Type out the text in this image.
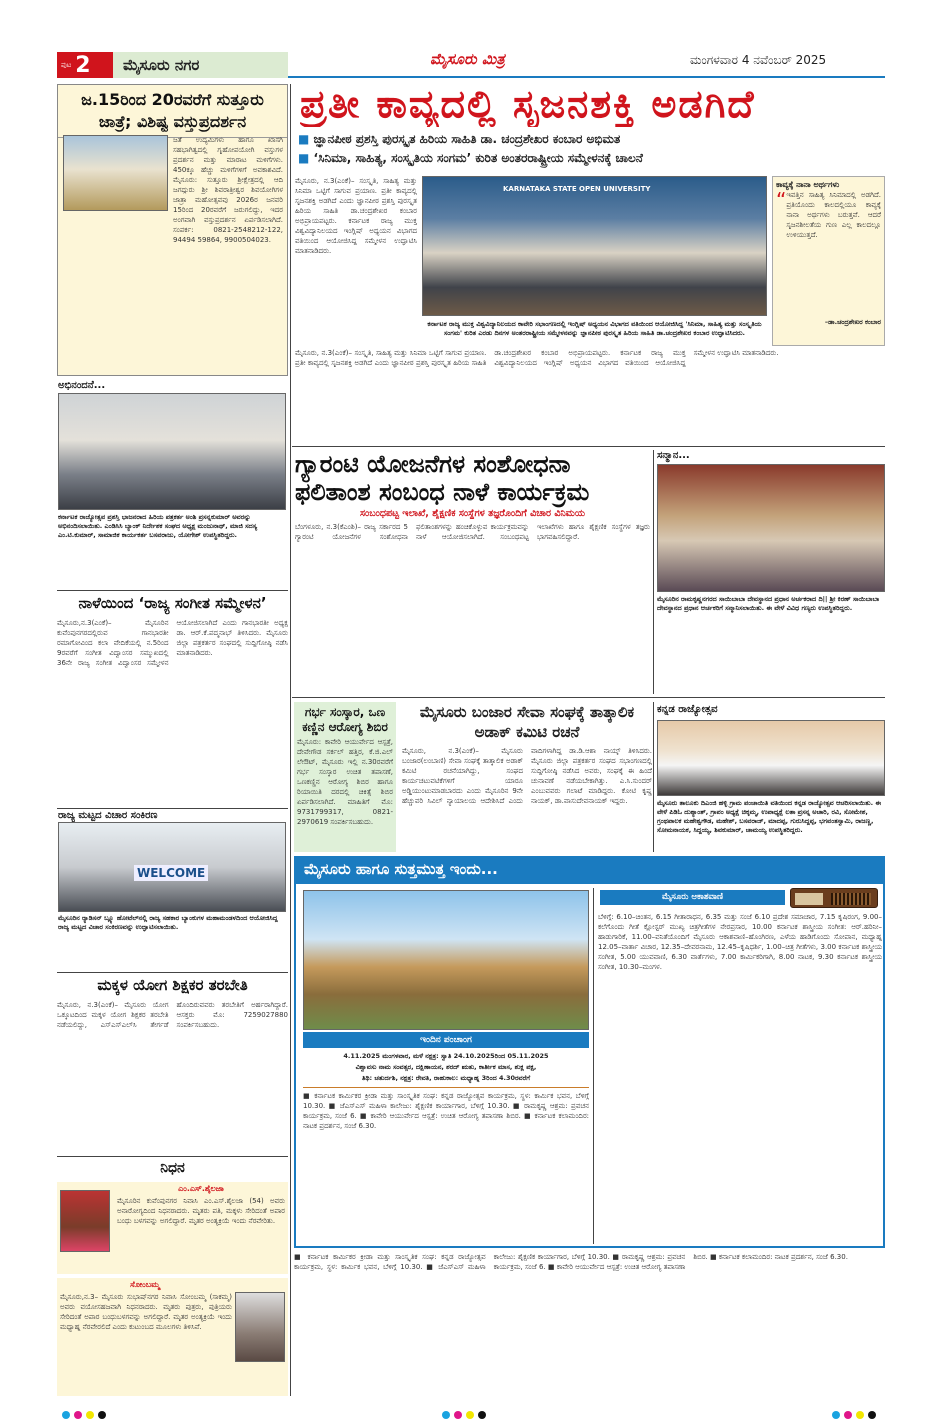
ಪುಟ 2	ಮೈಸೂರು ನಗರ	ಮೈಸೂರು ಮಿತ್ರ	ಮಂಗಳವಾರ 4 ನವೆಂಬರ್ 2025
ಜ.15ರಿಂದ 20ರವರೆಗೆ ಸುತ್ತೂರು ಜಾತ್ರೆ; ವಿಶಿಷ್ಟ ವಸ್ತುಪ್ರದರ್ಶನ
ಜತೆ ಉದ್ಯಮಿಗಳು ಹಾಗೂ ಖಾಸಗಿ ಸಹಭಾಗಿತ್ವದಲ್ಲಿ ಗೃಹೋಪಯೋಗಿ ವಸ್ತುಗಳ ಪ್ರದರ್ಶನ ಮತ್ತು ಮಾರಾಟ ಮಳಿಗೆಗಳು. 450ಕ್ಕೂ ಹೆಚ್ಚು ಮಳಿಗೆಗಳಿಗೆ ಅವಕಾಶವಿದೆ. ಮೈಸೂರು: ಸುತ್ತೂರು ಶ್ರೀಕ್ಷೇತ್ರದಲ್ಲಿ ಆದಿ ಜಗದ್ಗುರು ಶ್ರೀ ಶಿವರಾತ್ರೀಶ್ವರ ಶಿವಯೋಗಿಗಳ ಜಾತ್ರಾ ಮಹೋತ್ಸವವು 2026ರ ಜನವರಿ 15ರಿಂದ 20ರವರೆಗೆ ಜರುಗಲಿದ್ದು, ಇದರ ಅಂಗವಾಗಿ ವಸ್ತುಪ್ರದರ್ಶನ ಏರ್ಪಡಿಸಲಾಗಿದೆ. ಸಂಪರ್ಕ: 0821-2548212-122, 94494 59864, 9900504023.
ಅಭಿನಂದನೆ...
ಕರ್ನಾಟಕ ರಾಜ್ಯೋತ್ಸವ ಪ್ರಶಸ್ತಿ ಭಾಜನರಾದ ಹಿರಿಯ ಪತ್ರಕರ್ತ ಅಂಶಿ ಪ್ರಸನ್ನಕುಮಾರ್ ಅವರನ್ನು ಅಭಿನಂದಿಸಲಾಯಿತು. ಎಂಡಿಸಿಸಿ ಬ್ಯಾಂಕ್ ನಿರ್ದೇಶಕ ಸಂಘದ ಅಧ್ಯಕ್ಷ ಮಂಜುನಾಥ್, ಮಾಜಿ ಸದಸ್ಯ ಎಂ.ಟಿ.ಕುಮಾರ್, ಸಾಮಾಜಿಕ ಕಾರ್ಯಕರ್ತ ಬಸವರಾಜು, ಯೋಗೇಶ್ ಉಪಸ್ಥಿತರಿದ್ದರು.
ನಾಳೆಯಿಂದ ‘ರಾಜ್ಯ ಸಂಗೀತ ಸಮ್ಮೇಳನ’
ಮೈಸೂರು,ನ.3(ಎಂಕೆ)– ಮೈಸೂರಿನ ಕುವೆಂಪುನಗರದಲ್ಲಿರುವ ಗಾನಭಾರತೀ ರಮಾಗೋವಿಂದ ಕಲಾ ವೇದಿಕೆಯಲ್ಲಿ ನ.5ರಿಂದ 9ರವರೆಗೆ ಸಂಗೀತ ವಿದ್ವಾಂಸರ ಸಮ್ಮುಖದಲ್ಲಿ 36ನೇ ರಾಜ್ಯ ಸಂಗೀತ ವಿದ್ವಾಂಸರ ಸಮ್ಮೇಳನ ಆಯೋಜಿಸಲಾಗಿದೆ ಎಂದು ಗಾನಭಾರತೀ ಅಧ್ಯಕ್ಷ ಡಾ. ಆರ್.ಕೆ.ಪದ್ಮನಾಭ್ ತಿಳಿಸಿದರು. ಮೈಸೂರು ಜಿಲ್ಲಾ ಪತ್ರಕರ್ತರ ಸಂಘದಲ್ಲಿ ಸುದ್ದಿಗೋಷ್ಠಿ ನಡೆಸಿ ಮಾತನಾಡಿದರು.
ರಾಜ್ಯ ಮಟ್ಟದ ವಿಚಾರ ಸಂಕಿರಣ
WELCOME
ಮೈಸೂರಿನ ರ‍್ಯಾಡಿಸನ್ ಬ್ಲ್ಯೂ ಹೋಟೆಲ್‌ನಲ್ಲಿ ರಾಜ್ಯ ಸಹಕಾರ ಬ್ಯಾಂಕುಗಳ ಮಹಾಮಂಡಳದಿಂದ ಆಯೋಜಿಸಿದ್ದ ರಾಜ್ಯ ಮಟ್ಟದ ವಿಚಾರ ಸಂಕಿರಣವನ್ನು ಉದ್ಘಾಟಿಸಲಾಯಿತು.
ಮಕ್ಕಳ ಯೋಗ ಶಿಕ್ಷಕರ ತರಬೇತಿ
ಮೈಸೂರು, ನ.3(ಎಂಕೆ)– ಮೈಸೂರು ಯೋಗ ಒಕ್ಕೂಟದಿಂದ ಮಕ್ಕಳ ಯೋಗ ಶಿಕ್ಷಕರ ತರಬೇತಿ ನಡೆಯಲಿದ್ದು, ಎಸ್‌ಎಸ್‌ಎಲ್‌ಸಿ ತೇರ್ಗಡೆ ಹೊಂದಿರುವವರು ತರಬೇತಿಗೆ ಅರ್ಹರಾಗಿದ್ದಾರೆ. ಆಸಕ್ತರು ಮೊ: 7259027880 ಸಂಪರ್ಕಿಸಬಹುದು.
ನಿಧನ
ಎಂ.ಎಸ್.ಶೈಲಜಾ
ಮೈಸೂರಿನ ಕುವೆಂಪುನಗರ ನಿವಾಸಿ ಎಂ.ಎಸ್.ಶೈಲಜಾ (54) ಅವರು ಅನಾರೋಗ್ಯದಿಂದ ನಿಧನರಾದರು. ಮೃತರು ಪತಿ, ಮಕ್ಕಳು ಸೇರಿದಂತೆ ಅಪಾರ ಬಂಧು ಬಳಗವನ್ನು ಅಗಲಿದ್ದಾರೆ. ಮೃತರ ಅಂತ್ಯಕ್ರಿಯೆ ಇಂದು ನೆರವೇರಿತು.
ಸೋಂಬಮ್ಮ
ಮೈಸೂರು,ನ.3– ಮೈಸೂರು ಸುಭಾಷ್‌ನಗರ ನಿವಾಸಿ ಸೋಂಬಮ್ಮ (ಸಾಕಮ್ಮ) ಅವರು ವಯೋಸಹಜವಾಗಿ ನಿಧನರಾದರು. ಮೃತರು ಪುತ್ರರು, ಪುತ್ರಿಯರು ಸೇರಿದಂತೆ ಅಪಾರ ಬಂಧುಬಳಗವನ್ನು ಅಗಲಿದ್ದಾರೆ. ಮೃತರ ಅಂತ್ಯಕ್ರಿಯೆ ಇಂದು ಮಧ್ಯಾಹ್ನ ನೆರವೇರಲಿದೆ ಎಂದು ಕುಟುಂಬದ ಮೂಲಗಳು ತಿಳಿಸಿವೆ.
ಪ್ರತೀ ಕಾವ್ಯದಲ್ಲಿ ಸೃಜನಶಕ್ತಿ ಅಡಗಿದೆ
■ ಜ್ಞಾನಪೀಠ ಪ್ರಶಸ್ತಿ ಪುರಸ್ಕೃತ ಹಿರಿಯ ಸಾಹಿತಿ ಡಾ. ಚಂದ್ರಶೇಖರ ಕಂಬಾರ ಅಭಿಮತ
■ ‘ಸಿನಿಮಾ, ಸಾಹಿತ್ಯ, ಸಂಸ್ಕೃತಿಯ ಸಂಗಮ’ ಕುರಿತ ಅಂತರರಾಷ್ಟ್ರೀಯ ಸಮ್ಮೇಳನಕ್ಕೆ ಚಾಲನೆ
ಮೈಸೂರು, ನ.3(ಎಂಕೆ)– ಸಂಸ್ಕೃತಿ, ಸಾಹಿತ್ಯ ಮತ್ತು ಸಿನಿಮಾ ಒಟ್ಟಿಗೆ ಸಾಗುವ ಪ್ರಯಾಣ. ಪ್ರತೀ ಕಾವ್ಯದಲ್ಲಿ ಸೃಜನಶಕ್ತಿ ಅಡಗಿದೆ ಎಂದು ಜ್ಞಾನಪೀಠ ಪ್ರಶಸ್ತಿ ಪುರಸ್ಕೃತ ಹಿರಿಯ ಸಾಹಿತಿ ಡಾ.ಚಂದ್ರಶೇಖರ ಕಂಬಾರ ಅಭಿಪ್ರಾಯಪಟ್ಟರು. ಕರ್ನಾಟಕ ರಾಜ್ಯ ಮುಕ್ತ ವಿಶ್ವವಿದ್ಯಾನಿಲಯದ ಇಂಗ್ಲಿಷ್ ಅಧ್ಯಯನ ವಿಭಾಗದ ವತಿಯಿಂದ ಆಯೋಜಿಸಿದ್ದ ಸಮ್ಮೇಳನ ಉದ್ಘಾಟಿಸಿ ಮಾತನಾಡಿದರು.
KARNATAKA STATE OPEN UNIVERSITY
ಕರ್ನಾಟಕ ರಾಜ್ಯ ಮುಕ್ತ ವಿಶ್ವವಿದ್ಯಾನಿಲಯದ ಕಾವೇರಿ ಸಭಾಂಗಣದಲ್ಲಿ ಇಂಗ್ಲಿಷ್ ಅಧ್ಯಯನ ವಿಭಾಗದ ವತಿಯಿಂದ ಆಯೋಜಿಸಿದ್ದ 'ಸಿನಿಮಾ, ಸಾಹಿತ್ಯ ಮತ್ತು ಸಂಸ್ಕೃತಿಯ ಸಂಗಮ' ಕುರಿತ ಎರಡು ದಿನಗಳ ಅಂತರರಾಷ್ಟ್ರೀಯ ಸಮ್ಮೇಳನವನ್ನು ಜ್ಞಾನಪೀಠ ಪುರಸ್ಕೃತ ಹಿರಿಯ ಸಾಹಿತಿ ಡಾ.ಚಂದ್ರಶೇಖರ ಕಂಬಾರ ಉದ್ಘಾಟಿಸಿದರು.
ಕಾವ್ಯಕ್ಕೆ ನಾನಾ ಅರ್ಥಗಳು
“ ಇವತ್ತಿನ ಸಾಹಿತ್ಯ ಸಿನಿಮಾದಲ್ಲಿ ಅಡಗಿದೆ. ಪ್ರತಿಯೊಂದು ಕಾಲದಲ್ಲಿಯೂ ಕಾವ್ಯಕ್ಕೆ ನಾನಾ ಅರ್ಥಗಳು ಬರುತ್ತವೆ. ಆದರೆ ಸೃಜನಶೀಲತೆಯ ಗುಣ ಎಲ್ಲ ಕಾಲದಲ್ಲೂ ಉಳಿಯುತ್ತದೆ.
–ಡಾ.ಚಂದ್ರಶೇಖರ ಕಂಬಾರ
ಮೈಸೂರು, ನ.3(ಎಂಕೆ)– ಸಂಸ್ಕೃತಿ, ಸಾಹಿತ್ಯ ಮತ್ತು ಸಿನಿಮಾ ಒಟ್ಟಿಗೆ ಸಾಗುವ ಪ್ರಯಾಣ. ಪ್ರತೀ ಕಾವ್ಯದಲ್ಲಿ ಸೃಜನಶಕ್ತಿ ಅಡಗಿದೆ ಎಂದು ಜ್ಞಾನಪೀಠ ಪ್ರಶಸ್ತಿ ಪುರಸ್ಕೃತ ಹಿರಿಯ ಸಾಹಿತಿ ಡಾ.ಚಂದ್ರಶೇಖರ ಕಂಬಾರ ಅಭಿಪ್ರಾಯಪಟ್ಟರು. ಕರ್ನಾಟಕ ರಾಜ್ಯ ಮುಕ್ತ ವಿಶ್ವವಿದ್ಯಾನಿಲಯದ ಇಂಗ್ಲಿಷ್ ಅಧ್ಯಯನ ವಿಭಾಗದ ವತಿಯಿಂದ ಆಯೋಜಿಸಿದ್ದ ಸಮ್ಮೇಳನ ಉದ್ಘಾಟಿಸಿ ಮಾತನಾಡಿದರು.
ಗ್ಯಾರಂಟಿ ಯೋಜನೆಗಳ ಸಂಶೋಧನಾ ಫಲಿತಾಂಶ ಸಂಬಂಧ ನಾಳೆ ಕಾರ್ಯಕ್ರಮ
ಸಂಬಂಧಪಟ್ಟ ಇಲಾಖೆ, ಶೈಕ್ಷಣಿಕ ಸಂಸ್ಥೆಗಳ ತಜ್ಞರೊಂದಿಗೆ ವಿಚಾರ ವಿನಿಮಯ
ಬೆಂಗಳೂರು, ನ.3(ಕೆಎಂಶಿ)– ರಾಜ್ಯ ಸರ್ಕಾರದ 5 ಗ್ಯಾರಂಟಿ ಯೋಜನೆಗಳ ಸಂಶೋಧನಾ ಫಲಿತಾಂಶಗಳನ್ನು ಹಂಚಿಕೊಳ್ಳುವ ಕಾರ್ಯಕ್ರಮವನ್ನು ನಾಳೆ ಆಯೋಜಿಸಲಾಗಿದೆ. ಸಂಬಂಧಪಟ್ಟ ಇಲಾಖೆಗಳು ಹಾಗೂ ಶೈಕ್ಷಣಿಕ ಸಂಸ್ಥೆಗಳ ತಜ್ಞರು ಭಾಗವಹಿಸಲಿದ್ದಾರೆ.
ಸನ್ಮಾನ...
ಮೈಸೂರಿನ ರಾಮಕೃಷ್ಣನಗರದ ಸಾಯಿಬಾಬಾ ದೇವಸ್ಥಾನದ ಪ್ರಧಾನ ಅರ್ಚಕರಾದ ದಿ|| ಶ್ರೀ ಕಿರಣ್ ಸಾಯಿಬಾಬಾ ದೇವಸ್ಥಾನದ ಪ್ರಧಾನ ಆರ್ಚಕರಿಗೆ ಸನ್ಮಾನಿಸಲಾಯಿತು. ಈ ವೇಳೆ ವಿವಿಧ ಗಣ್ಯರು ಉಪಸ್ಥಿತರಿದ್ದರು.
ಗರ್ಭ ಸಂಸ್ಕಾರ, ಒಣ ಕಣ್ಣಿನ ಆರೋಗ್ಯ ಶಿಬಿರ
ಮೈಸೂರು: ಕಾವೇರಿ ಆಯುರ್ವೇದ ಆಸ್ಪತ್ರೆ, ದೇವೇಗೌಡ ಸರ್ಕಲ್ ಹತ್ತಿರ, ಕೆ.ಜಿ.ಎಲ್ ಲೇಔಟ್, ಮೈಸೂರು ಇಲ್ಲಿ ನ.30ರವರೆಗೆ ಗರ್ಭ ಸಂಸ್ಕಾರ ಉಚಿತ ತಪಾಸಣೆ, ಒಣಕಣ್ಣಿನ ಆರೋಗ್ಯ ಶಿಬಿರ ಹಾಗೂ ರಿಯಾಯಿತಿ ದರದಲ್ಲಿ ಚಿಕಿತ್ಸೆ ಶಿಬಿರ ಏರ್ಪಡಿಸಲಾಗಿದೆ. ಮಾಹಿತಿಗೆ ಮೊ: 9731799317, 0821-2970619 ಸಂಪರ್ಕಿಸಬಹುದು.
ಮೈಸೂರು ಬಂಜಾರ ಸೇವಾ ಸಂಘಕ್ಕೆ ತಾತ್ಕಾಲಿಕ ಅಡಾಕ್ ಕಮಿಟಿ ರಚನೆ
ಮೈಸೂರು, ನ.3(ಎಂಕೆ)– ಮೈಸೂರು ಬಂಜಾರ(ಲಂಬಾಣಿ) ಸೇವಾ ಸಂಘಕ್ಕೆ ತಾತ್ಕಾಲಿಕ ಅಡಾಕ್ ಕಮಿಟಿ ರಚನೆಯಾಗಿದ್ದು, ಸಂಘದ ಕಾರ್ಯಚಟುವಟಿಕೆಗಳಿಗೆ ಯಾರೂ ಅಡ್ಡಿಯುಂಟುಮಾಡಬಾರದು ಎಂದು ಮೈಸೂರಿನ 9ನೇ ಹೆಚ್ಚುವರಿ ಸಿವಿಲ್ ನ್ಯಾಯಾಲಯ ಆದೇಶಿಸಿದೆ ಎಂದು ವಾದಿಗಳಾಗಿದ್ದ ಡಾ.ಡಿ.ಆಶಾ ನಾಯ್ಕ್ ತಿಳಿಸಿದರು. ಮೈಸೂರು ಜಿಲ್ಲಾ ಪತ್ರಕರ್ತರ ಸಂಘದ ಸಭಾಂಗಣದಲ್ಲಿ ಸುದ್ದಿಗೋಷ್ಠಿ ನಡೆಸಿದ ಅವರು, ಸಂಘಕ್ಕೆ ಈ ಹಿಂದೆ ಚುನಾವಣೆ ನಡೆಯಬೇಕಾಗಿತ್ತು. ಎ.ಸಿ.ಸುಂದರ್ ಎಂಬುವವರು ಗಲಾಟೆ ಮಾಡಿದ್ದರು. ಕೋಟಿ ಕೃಷ್ಣ ನಾಯಕ್, ಡಾ.ವಾಸುದೇವನಾಯಕ್ ಇದ್ದರು.
ಕನ್ನಡ ರಾಜ್ಯೋತ್ಸವ
ಮೈಸೂರು ತಾಲೂಕು ದಿಎಂಜಿ ಹಳ್ಳಿ ಗ್ರಾಮ ಪಂಚಾಯಿತಿ ವತಿಯಿಂದ ಕನ್ನಡ ರಾಜ್ಯೋತ್ಸವ ಆಚರಿಸಲಾಯಿತು. ಈ ವೇಳೆ ಪಿಡಿಓ ದುಶ್ಯಾಂತ್, ಗ್ರಾಪಂ ಅಧ್ಯಕ್ಷೆ ಚಿಕ್ಕಮ್ಮ, ಉಪಾಧ್ಯಕ್ಷೆ ಲತಾ ಪ್ರಸನ್ನ ಅಚಾರಿ, ರವಿ, ಸೋಮೇಶ, ಗ್ರಂಥಪಾಲಕ ಮಹೇಶ್ವಗೌಡ, ಮಹೇಶ್, ಬಸವರಾಜ್, ಮಾದಪ್ಪ, ಗುರುಸಿದ್ದಪ್ಪ, ಭಗವಂತಸ್ವಾಮಿ, ರಾಜಣ್ಣ, ಸೋಮನಾಯಕ, ಸಿದ್ದಯ್ಯ, ಶಿವಕುಮಾರ್, ಚಾಮಯ್ಯ ಉಪಸ್ಥಿತರಿದ್ದರು.
ಮೈಸೂರು ಹಾಗೂ ಸುತ್ತಮುತ್ತ ಇಂದು...
ಇಂದಿನ ಪಂಚಾಂಗ
4.11.2025 ಮಂಗಳವಾರ, ಮಳೆ ನಕ್ಷತ್ರ: ಸ್ವಾತಿ 24.10.2025ರಿಂದ 05.11.2025
ವಿಶ್ವಾವಸು ನಾಮ ಸಂವತ್ಸರ, ದಕ್ಷಿಣಾಯನ, ಶರದ್ ಋತು, ಕಾರ್ತೀಕ ಮಾಸ, ಶುಕ್ಲ ಪಕ್ಷ,
ತಿಥಿ: ಚತುರ್ದಶಿ, ನಕ್ಷತ್ರ: ರೇವತಿ, ರಾಹುಕಾಲ: ಮಧ್ಯಾಹ್ನ 3ರಿಂದ 4.30ರವರೆಗೆ
■ ಕರ್ನಾಟಕ ಕಾರ್ಮಿಕರ ಕ್ರೀಡಾ ಮತ್ತು ಸಾಂಸ್ಕೃತಿಕ ಸಂಘ: ಕನ್ನಡ ರಾಜ್ಯೋತ್ಸವ ಕಾರ್ಯಕ್ರಮ, ಸ್ಥಳ: ಕಾರ್ಮಿಕ ಭವನ, ಬೆಳಿಗ್ಗೆ 10.30. ■ ಜೆಎಸ್‌ಎಸ್ ಮಹಿಳಾ ಕಾಲೇಜು: ಶೈಕ್ಷಣಿಕ ಕಾರ್ಯಾಗಾರ, ಬೆಳಿಗ್ಗೆ 10.30. ■ ರಾಮಕೃಷ್ಣ ಆಶ್ರಮ: ಪ್ರವಚನ ಕಾರ್ಯಕ್ರಮ, ಸಂಜೆ 6. ■ ಕಾವೇರಿ ಆಯುರ್ವೇದ ಆಸ್ಪತ್ರೆ: ಉಚಿತ ಆರೋಗ್ಯ ತಪಾಸಣಾ ಶಿಬಿರ. ■ ಕರ್ನಾಟಕ ಕಲಾಮಂದಿರ: ನಾಟಕ ಪ್ರದರ್ಶನ, ಸಂಜೆ 6.30.
ಮೈಸೂರು ಆಕಾಶವಾಣಿ
ಬೆಳಿಗ್ಗೆ: 6.10–ಚಿಂತನ, 6.15 ಗೀತಾರಾಧನ, 6.35 ಮತ್ತು ಸಂಜೆ 6.10 ಪ್ರದೇಶ ಸಮಾಚಾರ, 7.15 ಕೃಷಿರಂಗ, 9.00–ಕಲೆಗೊಂದು ಗೀತೆ ಕ್ಲೋಸ್ಟರ್ ಮುಖ್ಯ ಚಿತ್ರಗೀತೆಗಳ ನೇರಪ್ರಸಾರ, 10.00 ಕರ್ನಾಟಕ ಶಾಸ್ತ್ರೀಯ ಸಂಗೀತ: ಆರ್.ಹರಿನೀ–ಹಾಡುಗಾರಿಕೆ, 11.00–ವನಿತೆಯೊಂದಿಗೆ ಮೈಸೂರು ಆಕಾಶವಾಣಿ–ಹೊಂಗಿರಣ, ಎಳೆಯ ಹಾಡಿಗೊಂದು ಸೋಪಾನ, ಮಧ್ಯಾಹ್ನ 12.05–ವಾರ್ತಾ ವಿಚಾರ, 12.35–ದೇವರನಾಮ, 12.45–ಕೃಷಿಧರ್ಶಿ, 1.00–ಚಿತ್ರ ಗೀತೆಗಳು, 3.00 ಕರ್ನಾಟಕ ಶಾಸ್ತ್ರೀಯ ಸಂಗೀತ, 5.00 ಯುವವಾಣಿ, 6.30 ವಾರ್ತೆಗಳು, 7.00 ಕಾರ್ಮಿಕರಿಗಾಗಿ, 8.00 ನಾಟಕ, 9.30 ಕರ್ನಾಟಕ ಶಾಸ್ತ್ರೀಯ ಸಂಗೀತ, 10.30–ಮಂಗಳ.
■ ಕರ್ನಾಟಕ ಕಾರ್ಮಿಕರ ಕ್ರೀಡಾ ಮತ್ತು ಸಾಂಸ್ಕೃತಿಕ ಸಂಘ: ಕನ್ನಡ ರಾಜ್ಯೋತ್ಸವ ಕಾರ್ಯಕ್ರಮ, ಸ್ಥಳ: ಕಾರ್ಮಿಕ ಭವನ, ಬೆಳಿಗ್ಗೆ 10.30. ■ ಜೆಎಸ್‌ಎಸ್ ಮಹಿಳಾ ಕಾಲೇಜು: ಶೈಕ್ಷಣಿಕ ಕಾರ್ಯಾಗಾರ, ಬೆಳಿಗ್ಗೆ 10.30. ■ ರಾಮಕೃಷ್ಣ ಆಶ್ರಮ: ಪ್ರವಚನ ಕಾರ್ಯಕ್ರಮ, ಸಂಜೆ 6. ■ ಕಾವೇರಿ ಆಯುರ್ವೇದ ಆಸ್ಪತ್ರೆ: ಉಚಿತ ಆರೋಗ್ಯ ತಪಾಸಣಾ ಶಿಬಿರ. ■ ಕರ್ನಾಟಕ ಕಲಾಮಂದಿರ: ನಾಟಕ ಪ್ರದರ್ಶನ, ಸಂಜೆ 6.30.
